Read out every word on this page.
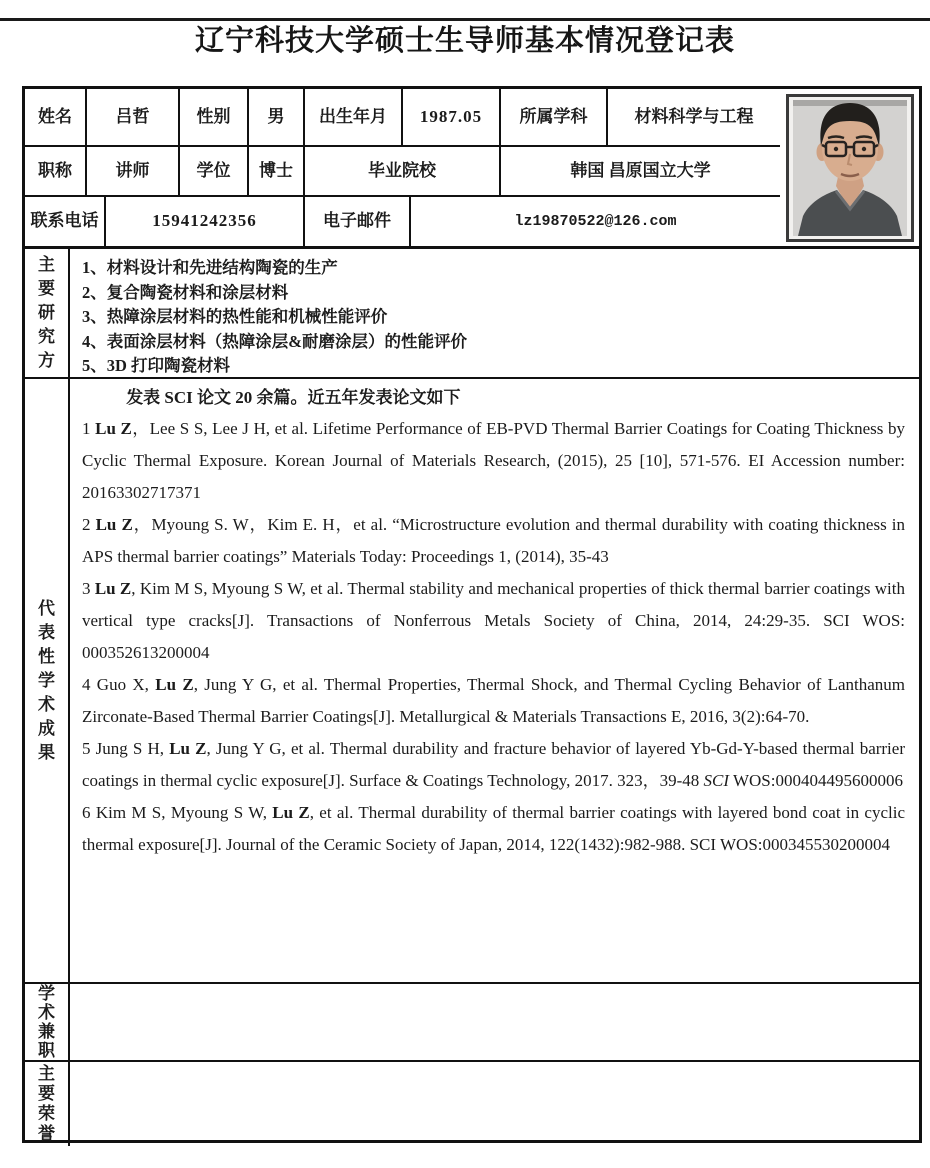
辽宁科技大学硕士生导师基本情况登记表
姓名	吕哲	性别	男	出生年月	1987.05	所属学科	材料科学与工程
职称	讲师	学位	博士	毕业院校	韩国 昌原国立大学
联系电话	15941242356	电子邮件	lz19870522@126.com
主要研究方
1、材料设计和先进结构陶瓷的生产
2、复合陶瓷材料和涂层材料
3、热障涂层材料的热性能和机械性能评价
4、表面涂层材料（热障涂层&耐磨涂层）的性能评价
5、3D 打印陶瓷材料
代表性学术成果
发表 SCI 论文 20 余篇。近五年发表论文如下

1 Lu Z，Lee S S, Lee J H, et al. Lifetime Performance of EB-PVD Thermal Barrier Coatings for Coating Thickness by Cyclic Thermal Exposure. Korean Journal of Materials Research, (2015), 25 [10], 571-576. EI Accession number: 20163302717371

2 Lu Z，Myoung S. W，Kim E. H，et al. “Microstructure evolution and thermal durability with coating thickness in APS thermal barrier coatings” Materials Today: Proceedings 1, (2014), 35-43

3 Lu Z, Kim M S, Myoung S W, et al. Thermal stability and mechanical properties of thick thermal barrier coatings with vertical type cracks[J]. Transactions of Nonferrous Metals Society of China, 2014, 24:29-35. SCI WOS: 000352613200004

4 Guo X, Lu Z, Jung Y G, et al. Thermal Properties, Thermal Shock, and Thermal Cycling Behavior of Lanthanum Zirconate-Based Thermal Barrier Coatings[J]. Metallurgical & Materials Transactions E, 2016, 3(2):64-70.

5 Jung S H, Lu Z, Jung Y G, et al. Thermal durability and fracture behavior of layered Yb-Gd-Y-based thermal barrier coatings in thermal cyclic exposure[J]. Surface & Coatings Technology, 2017. 323，39-48 SCI WOS:000404495600006

6 Kim M S, Myoung S W, Lu Z, et al. Thermal durability of thermal barrier coatings with layered bond coat in cyclic thermal exposure[J]. Journal of the Ceramic Society of Japan, 2014, 122(1432):982-988. SCI WOS:000345530200004

学术兼职
主要荣誉
